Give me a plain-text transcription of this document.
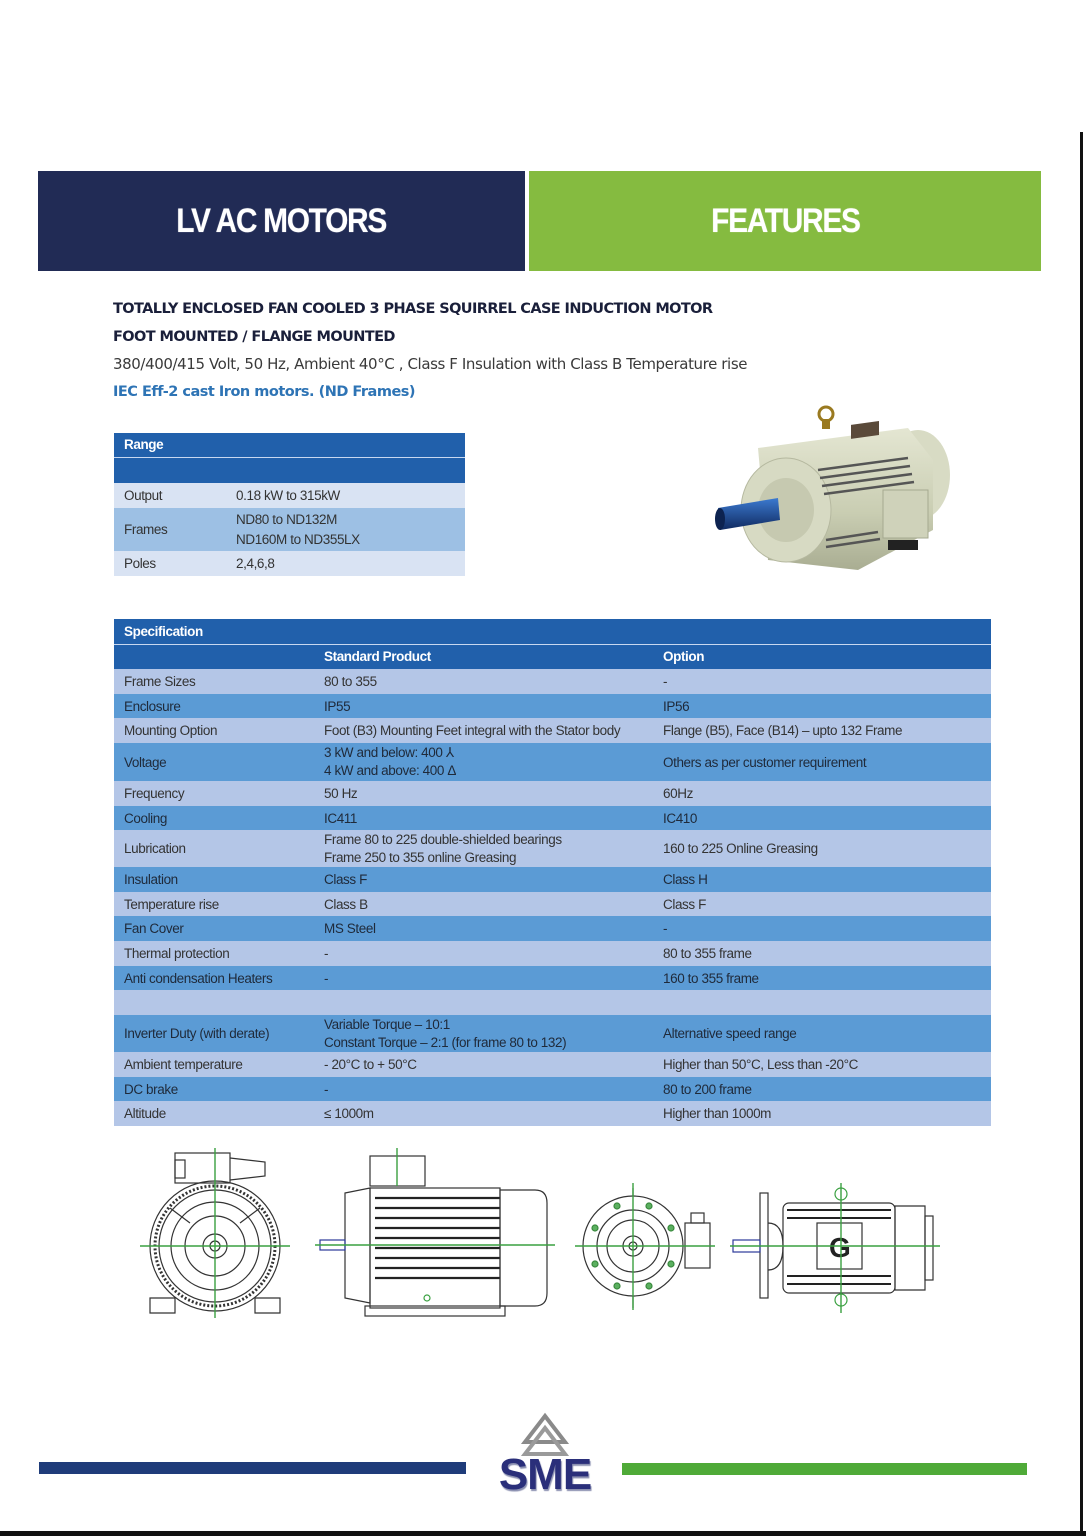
LV AC MOTORS	FEATURES
TOTALLY ENCLOSED FAN COOLED 3 PHASE SQUIRREL CASE INDUCTION MOTOR
FOOT MOUNTED / FLANGE MOUNTED
380/400/415 Volt, 50 Hz, Ambient 40°C , Class F Insulation with Class B Temperature rise
IEC Eff-2 cast Iron motors. (ND Frames)
Range	

Output	0.18 kW to 315kW
Frames	ND80 to ND132M
ND160M to ND355LX

Poles	2,4,6,8
Specification		
	Standard Product	Option
Frame Sizes	80 to 355	-
Enclosure	IP55	IP56
Mounting Option	Foot (B3) Mounting Feet integral with the Stator body	Flange (B5), Face (B14) – upto 132 Frame
Voltage	3 kW and below: 400 ⅄
4 kW and above: 400 Δ	Others as per customer requirement
Frequency	50 Hz	60Hz
Cooling	IC411	IC410
Lubrication	Frame 80 to 225 double-shielded bearings
Frame 250 to 355 online Greasing	160 to 225 Online Greasing
Insulation	Class F	Class H
Temperature rise	Class B	Class F
Fan Cover	MS Steel	-
Thermal protection	-	80 to 355 frame
Anti condensation Heaters	-	160 to 355 frame

Inverter Duty (with derate)	Variable Torque – 10:1
Constant Torque – 2:1 (for frame 80 to 132)	Alternative speed range
Ambient temperature	- 20°C to + 50°C	Higher than 50°C, Less than -20°C
DC brake	-	80 to 200 frame
Altitude	≤ 1000m	Higher than 1000m
G
SME
